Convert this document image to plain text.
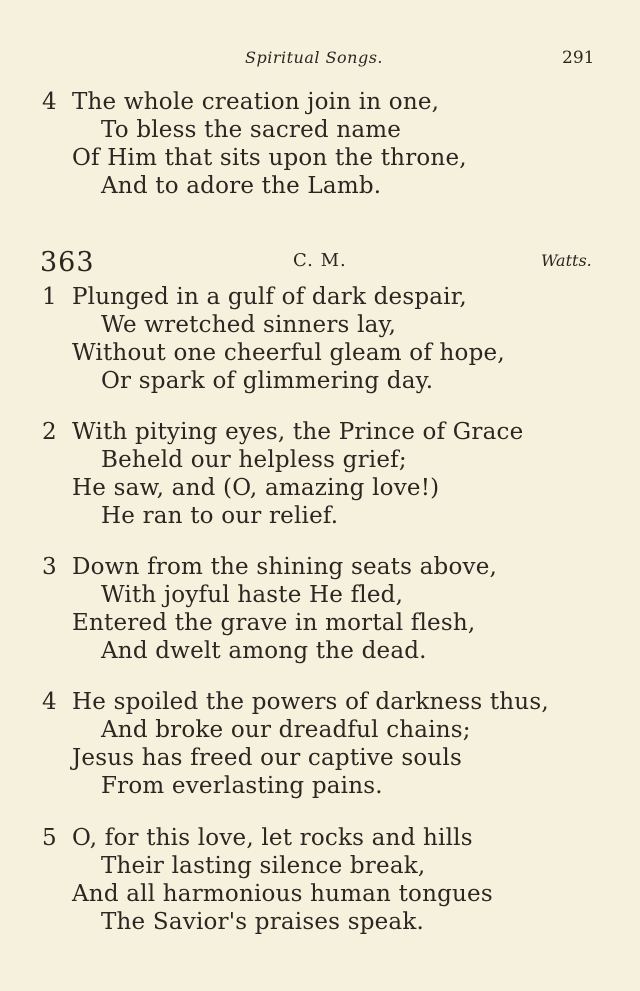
Spiritual Songs.	291
4 The whole creation join in one,
To bless the sacred name
Of Him that sits upon the throne,
And to adore the Lamb.
363	C. M.	Watts.
1 Plunged in a gulf of dark despair,
We wretched sinners lay,
Without one cheerful gleam of hope,
Or spark of glimmering day.
2 With pitying eyes, the Prince of Grace
Beheld our helpless grief;
He saw, and (O, amazing love!)
He ran to our relief.
3 Down from the shining seats above,
With joyful haste He fled,
Entered the grave in mortal flesh,
And dwelt among the dead.
4 He spoiled the powers of darkness thus,
And broke our dreadful chains;
Jesus has freed our captive souls
From everlasting pains.
5 O, for this love, let rocks and hills
Their lasting silence break,
And all harmonious human tongues
The Savior's praises speak.
